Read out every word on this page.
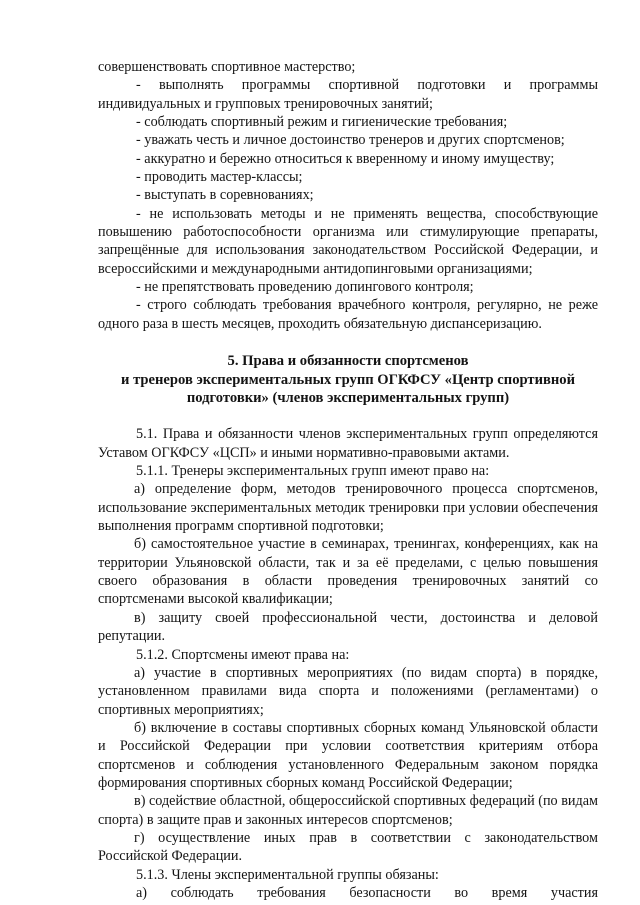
совершенствовать спортивное мастерство;

- выполнять программы спортивной подготовки и программы индивидуальных и групповых тренировочных занятий;

- соблюдать спортивный режим и гигиенические требования;

- уважать честь и личное достоинство тренеров и других спортсменов;

- аккуратно и бережно относиться к вверенному и иному имуществу;

- проводить мастер-классы;

- выступать в соревнованиях;

- не использовать методы и не применять вещества, способствующие повышению работоспособности организма или стимулирующие препараты, запрещённые для использования законодательством Российской Федерации, и всероссийскими и международными антидопинговыми организациями;

- не препятствовать проведению допингового контроля;

- строго соблюдать требования врачебного контроля, регулярно, не реже одного раза в шесть месяцев, проходить обязательную диспансеризацию.

5. Права и обязанности спортсменов

и тренеров экспериментальных групп ОГКФСУ «Центр спортивной

подготовки» (членов экспериментальных групп)

5.1. Права и обязанности членов экспериментальных групп определяются Уставом ОГКФСУ «ЦСП» и иными нормативно-правовыми актами.

5.1.1. Тренеры экспериментальных групп имеют право на:

а) определение форм, методов тренировочного процесса спортсменов, использование экспериментальных методик тренировки при условии обеспечения выполнения программ спортивной подготовки;

б) самостоятельное участие в семинарах, тренингах, конференциях, как на территории Ульяновской области, так и за её пределами, с целью повышения своего образования в области проведения тренировочных занятий со спортсменами высокой квалификации;

в) защиту своей профессиональной чести, достоинства и деловой репутации.

5.1.2. Спортсмены имеют права на:

а) участие в спортивных мероприятиях (по видам спорта) в порядке, установленном правилами вида спорта и положениями (регламентами) о спортивных мероприятиях;

б) включение в составы спортивных сборных команд Ульяновской области и Российской Федерации при условии соответствия критериям отбора спортсменов и соблюдения установленного Федеральным законом порядка формирования спортивных сборных команд Российской Федерации;

в) содействие областной, общероссийской спортивных федераций (по видам спорта) в защите прав и законных интересов спортсменов;

г) осуществление иных прав в соответствии с законодательством Российской Федерации.

5.1.3. Члены экспериментальной группы обязаны:

а) соблюдать требования безопасности во время участия
